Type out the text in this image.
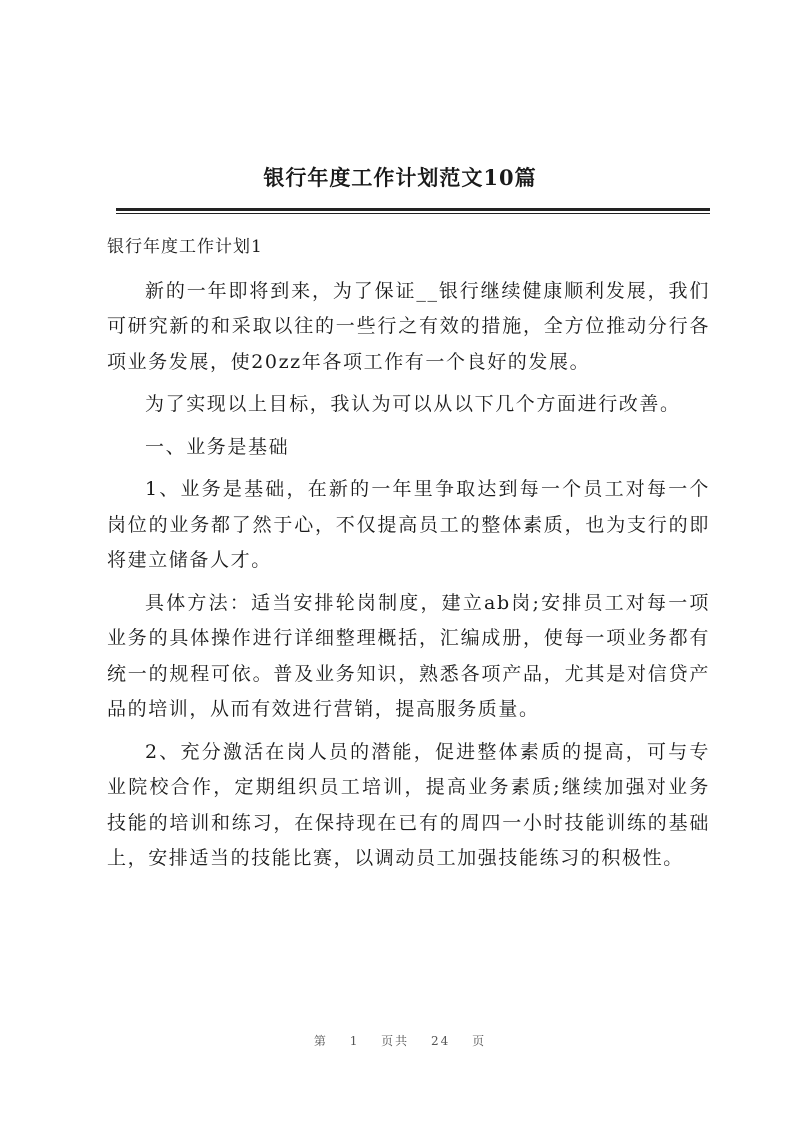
银行年度工作计划范文10篇

银行年度工作计划1

新的一年即将到来，为了保证__银行继续健康顺利发展，我们可研究新的和采取以往的一些行之有效的措施，全方位推动分行各项业务发展，使20zz年各项工作有一个良好的发展。

为了实现以上目标，我认为可以从以下几个方面进行改善。

一、业务是基础

1、业务是基础，在新的一年里争取达到每一个员工对每一个岗位的业务都了然于心，不仅提高员工的整体素质，也为支行的即将建立储备人才。

具体方法：适当安排轮岗制度，建立ab岗;安排员工对每一项业务的具体操作进行详细整理概括，汇编成册，使每一项业务都有统一的规程可依。普及业务知识，熟悉各项产品，尤其是对信贷产品的培训，从而有效进行营销，提高服务质量。

2、充分激活在岗人员的潜能，促进整体素质的提高，可与专业院校合作，定期组织员工培训，提高业务素质;继续加强对业务技能的培训和练习，在保持现在已有的周四一小时技能训练的基础上，安排适当的技能比赛，以调动员工加强技能练习的积极性。

第 1 页共 24 页
